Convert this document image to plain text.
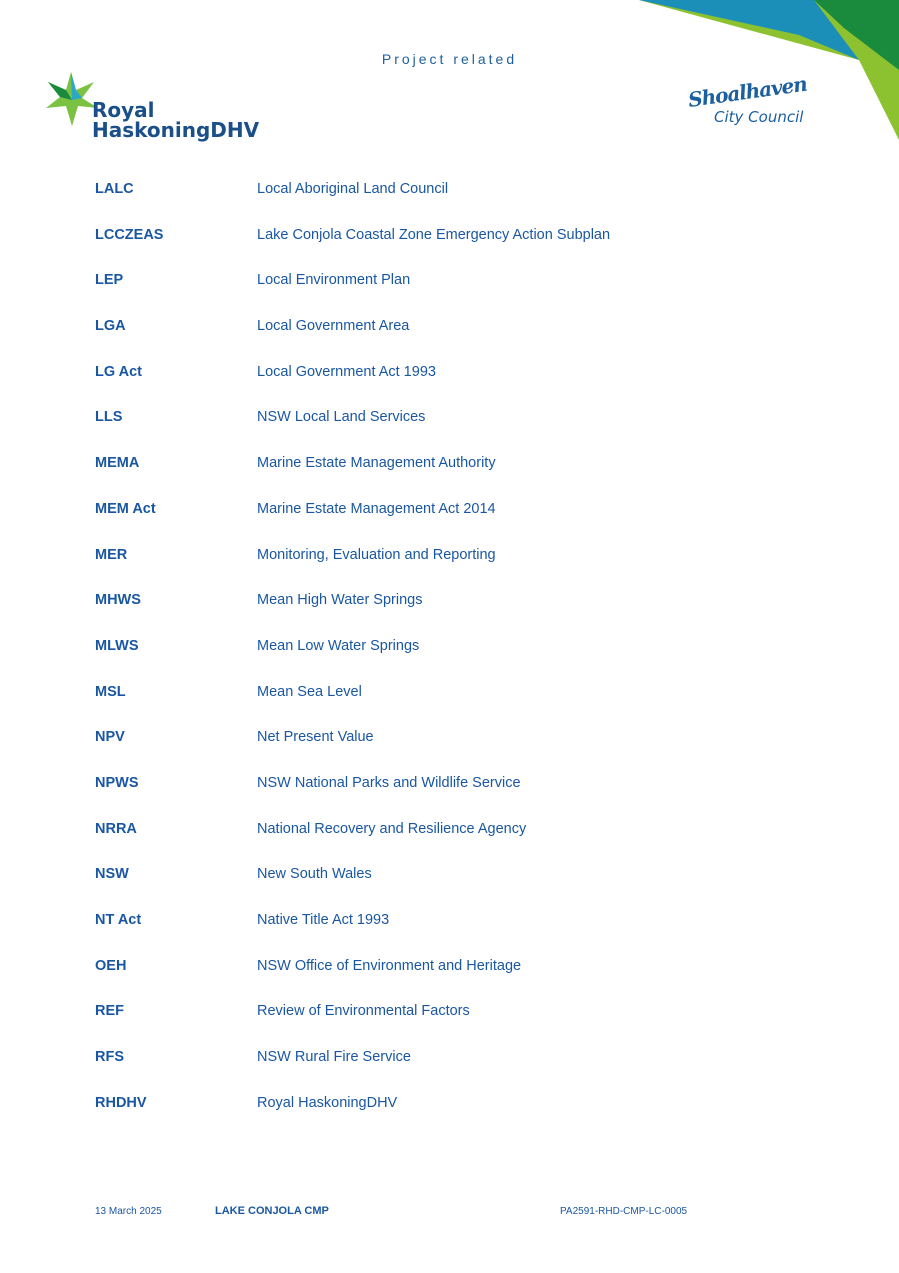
Project related
Royal
HaskoningDHV
Shoalhaven
City Council
LALC	Local Aboriginal Land Council
LCCZEAS	Lake Conjola Coastal Zone Emergency Action Subplan
LEP	Local Environment Plan
LGA	Local Government Area
LG Act	Local Government Act 1993
LLS	NSW Local Land Services
MEMA	Marine Estate Management Authority
MEM Act	Marine Estate Management Act 2014
MER	Monitoring, Evaluation and Reporting
MHWS	Mean High Water Springs
MLWS	Mean Low Water Springs
MSL	Mean Sea Level
NPV	Net Present Value
NPWS	NSW National Parks and Wildlife Service
NRRA	National Recovery and Resilience Agency
NSW	New South Wales
NT Act	Native Title Act 1993
OEH	NSW Office of Environment and Heritage
REF	Review of Environmental Factors
RFS	NSW Rural Fire Service
RHDHV	Royal HaskoningDHV
13 March 2025	LAKE CONJOLA CMP	PA2591-RHD-CMP-LC-0005
